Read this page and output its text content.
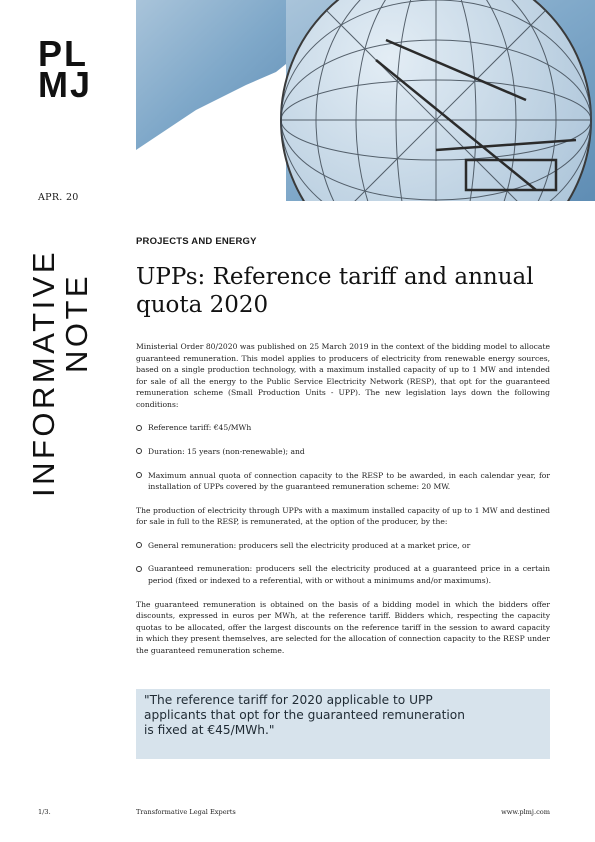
PL
MJ
APR. 20
INFORMATIVE
NOTE
PROJECTS AND ENERGY
UPPs: Reference tariff and annual
quota 2020

Ministerial Order 80/2020 was published on 25 March 2019 in the context of the bidding model to allocate guaranteed remuneration. This model applies to producers of electricity from renewable energy sources, based on a single production technology, with a maximum installed capacity of up to 1 MW and intended for sale of all the energy to the Public Service Electricity Network (RESP), that opt for the guaranteed remuneration scheme (Small Production Units - UPP). The new legislation lays down the following conditions:

Reference tariff: €45/MWh
Duration: 15 years (non-renewable); and
Maximum annual quota of connection capacity to the RESP to be awarded, in each calendar year, for installation of UPPs covered by the guaranteed remuneration scheme: 20 MW.

The production of electricity through UPPs with a maximum installed capacity of up to 1 MW and destined for sale in full to the RESP, is remunerated, at the option of the producer, by the:

General remuneration: producers sell the electricity produced at a market price, or
Guaranteed remuneration: producers sell the electricity produced at a guaranteed price in a certain period (fixed or indexed to a referential, with or without a minimums and/or maximums).

The guaranteed remuneration is obtained on the basis of a bidding model in which the bidders offer discounts, expressed in euros per MWh, at the reference tariff. Bidders which, respecting the capacity quotas to be allocated, offer the largest discounts on the reference tariff in the session to award capacity in which they present themselves, are selected for the allocation of connection capacity to the RESP under the guaranteed remuneration scheme.

"The reference tariff for 2020 applicable to UPP
applicants that opt for the guaranteed remuneration
is fixed at €45/MWh."
1/3.	Transformative Legal Experts	www.plmj.com
